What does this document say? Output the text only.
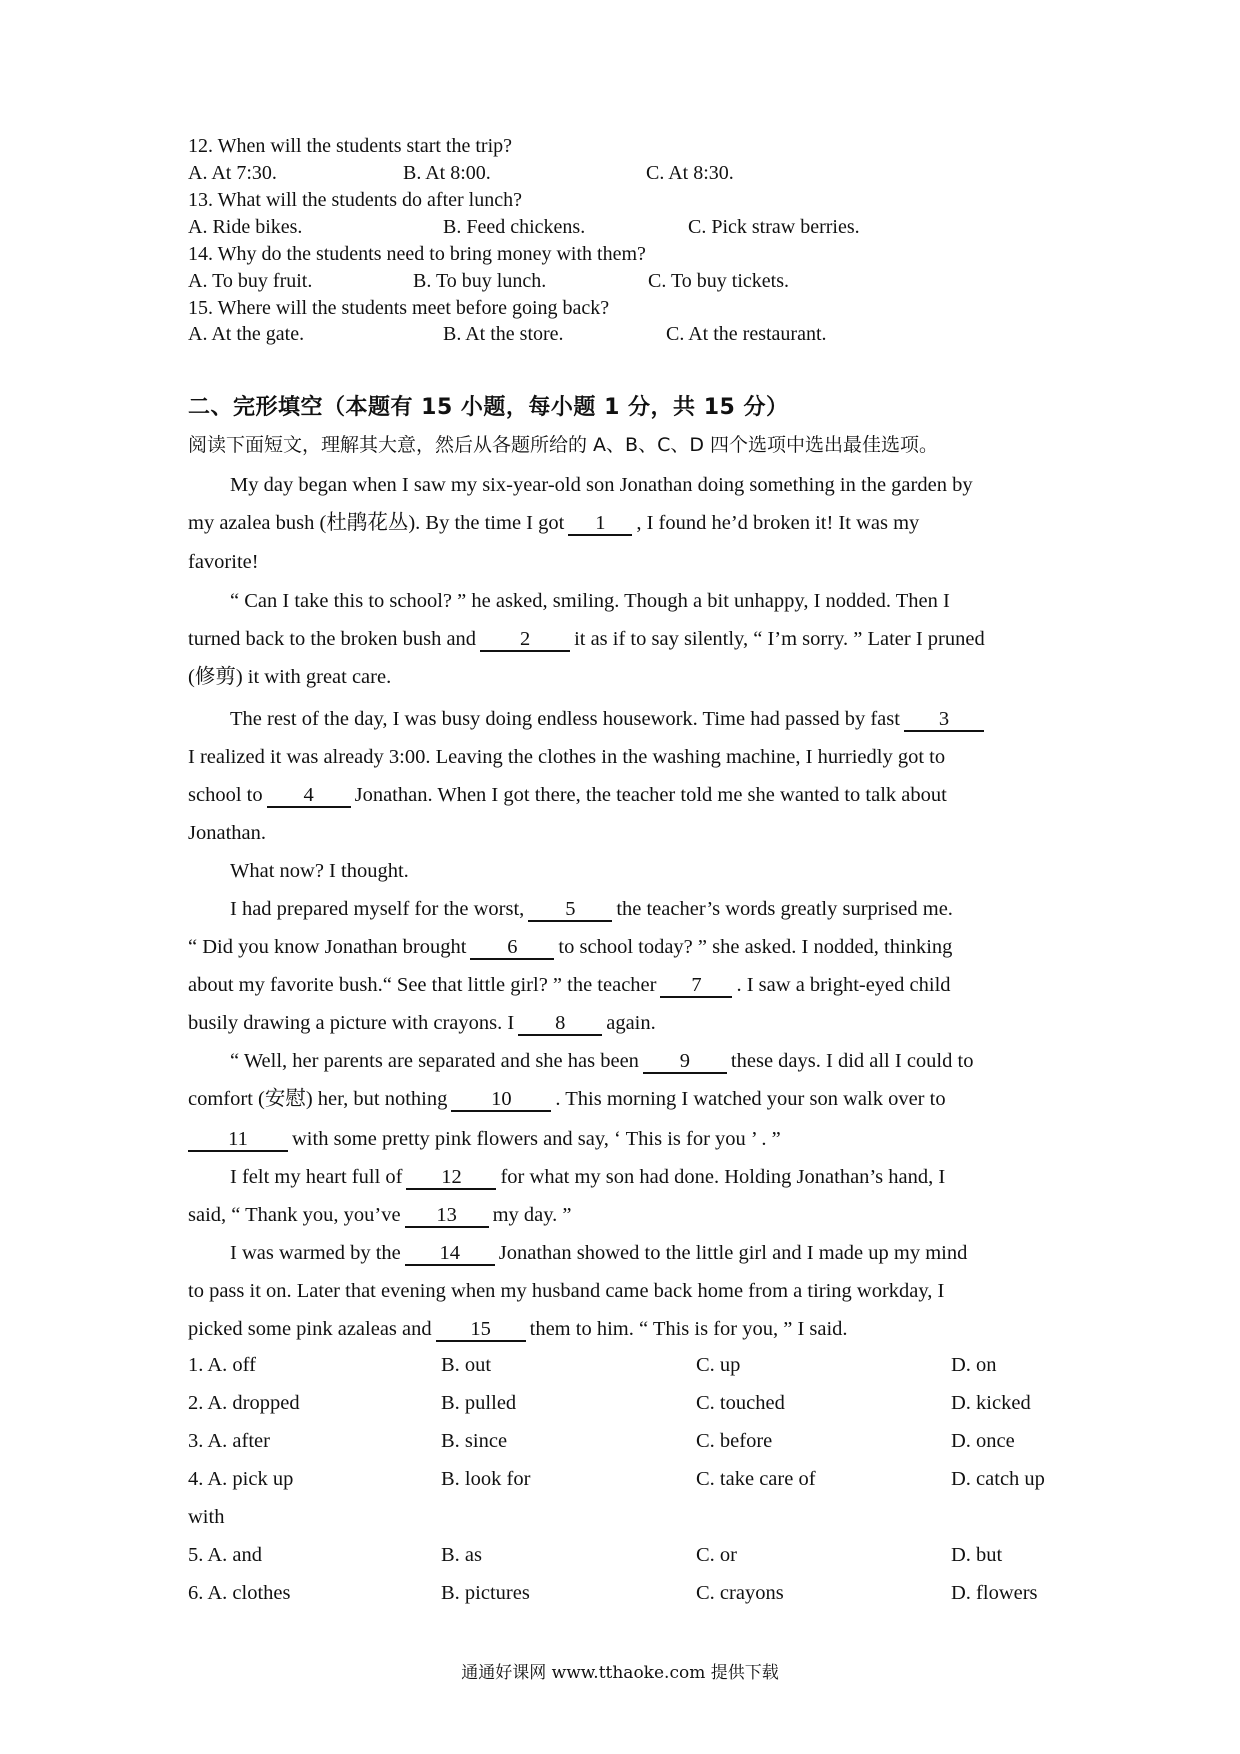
12. When will the students start the trip?
A. At 7:30.	B. At 8:00.	C. At 8:30.
13. What will the students do after lunch?
A. Ride bikes.	B. Feed chickens.	C. Pick straw berries.
14. Why do the students need to bring money with them?
A. To buy fruit.	B. To buy lunch.	C. To buy tickets.
15. Where will the students meet before going back?
A. At the gate.	B. At the store.	C. At the restaurant.
二、完形填空（本题有 15 小题，每小题 1 分，共 15 分）
阅读下面短文，理解其大意，然后从各题所给的 A、B、C、D 四个选项中选出最佳选项。
My day began when I saw my six-year-old son Jonathan doing something in the garden by
my azalea bush (杜鹃花丛). By the time I got 1 , I found he’d broken it! It was my
favorite!
“ Can I take this to school? ” he asked, smiling. Though a bit unhappy, I nodded. Then I
turned back to the broken bush and 2 it as if to say silently, “ I’m sorry. ” Later I pruned
(修剪) it with great care.
The rest of the day, I was busy doing endless housework. Time had passed by fast 3
I realized it was already 3:00. Leaving the clothes in the washing machine, I hurriedly got to
school to 4 Jonathan. When I got there, the teacher told me she wanted to talk about
Jonathan.
What now? I thought.
I had prepared myself for the worst, 5 the teacher’s words greatly surprised me.
“ Did you know Jonathan brought 6 to school today? ” she asked. I nodded, thinking
about my favorite bush.“ See that little girl? ” the teacher 7 . I saw a bright-eyed child
busily drawing a picture with crayons. I 8 again.
“ Well, her parents are separated and she has been 9 these days. I did all I could to
comfort (安慰) her, but nothing 10 . This morning I watched your son walk over to
11 with some pretty pink flowers and say, ‘ This is for you ’ . ”
I felt my heart full of 12 for what my son had done. Holding Jonathan’s hand, I
said, “ Thank you, you’ve 13 my day. ”
I was warmed by the 14 Jonathan showed to the little girl and I made up my mind
to pass it on. Later that evening when my husband came back home from a tiring workday, I
picked some pink azaleas and 15 them to him. “ This is for you, ” I said.
1. A. off	B. out	C. up	D. on
2. A. dropped	B. pulled	C. touched	D. kicked
3. A. after	B. since	C. before	D. once
4. A. pick up	B. look for	C. take care of	D. catch up
with
5. A. and	B. as	C. or	D. but
6. A. clothes	B. pictures	C. crayons	D. flowers
通通好课网 www.tthaoke.com 提供下载
